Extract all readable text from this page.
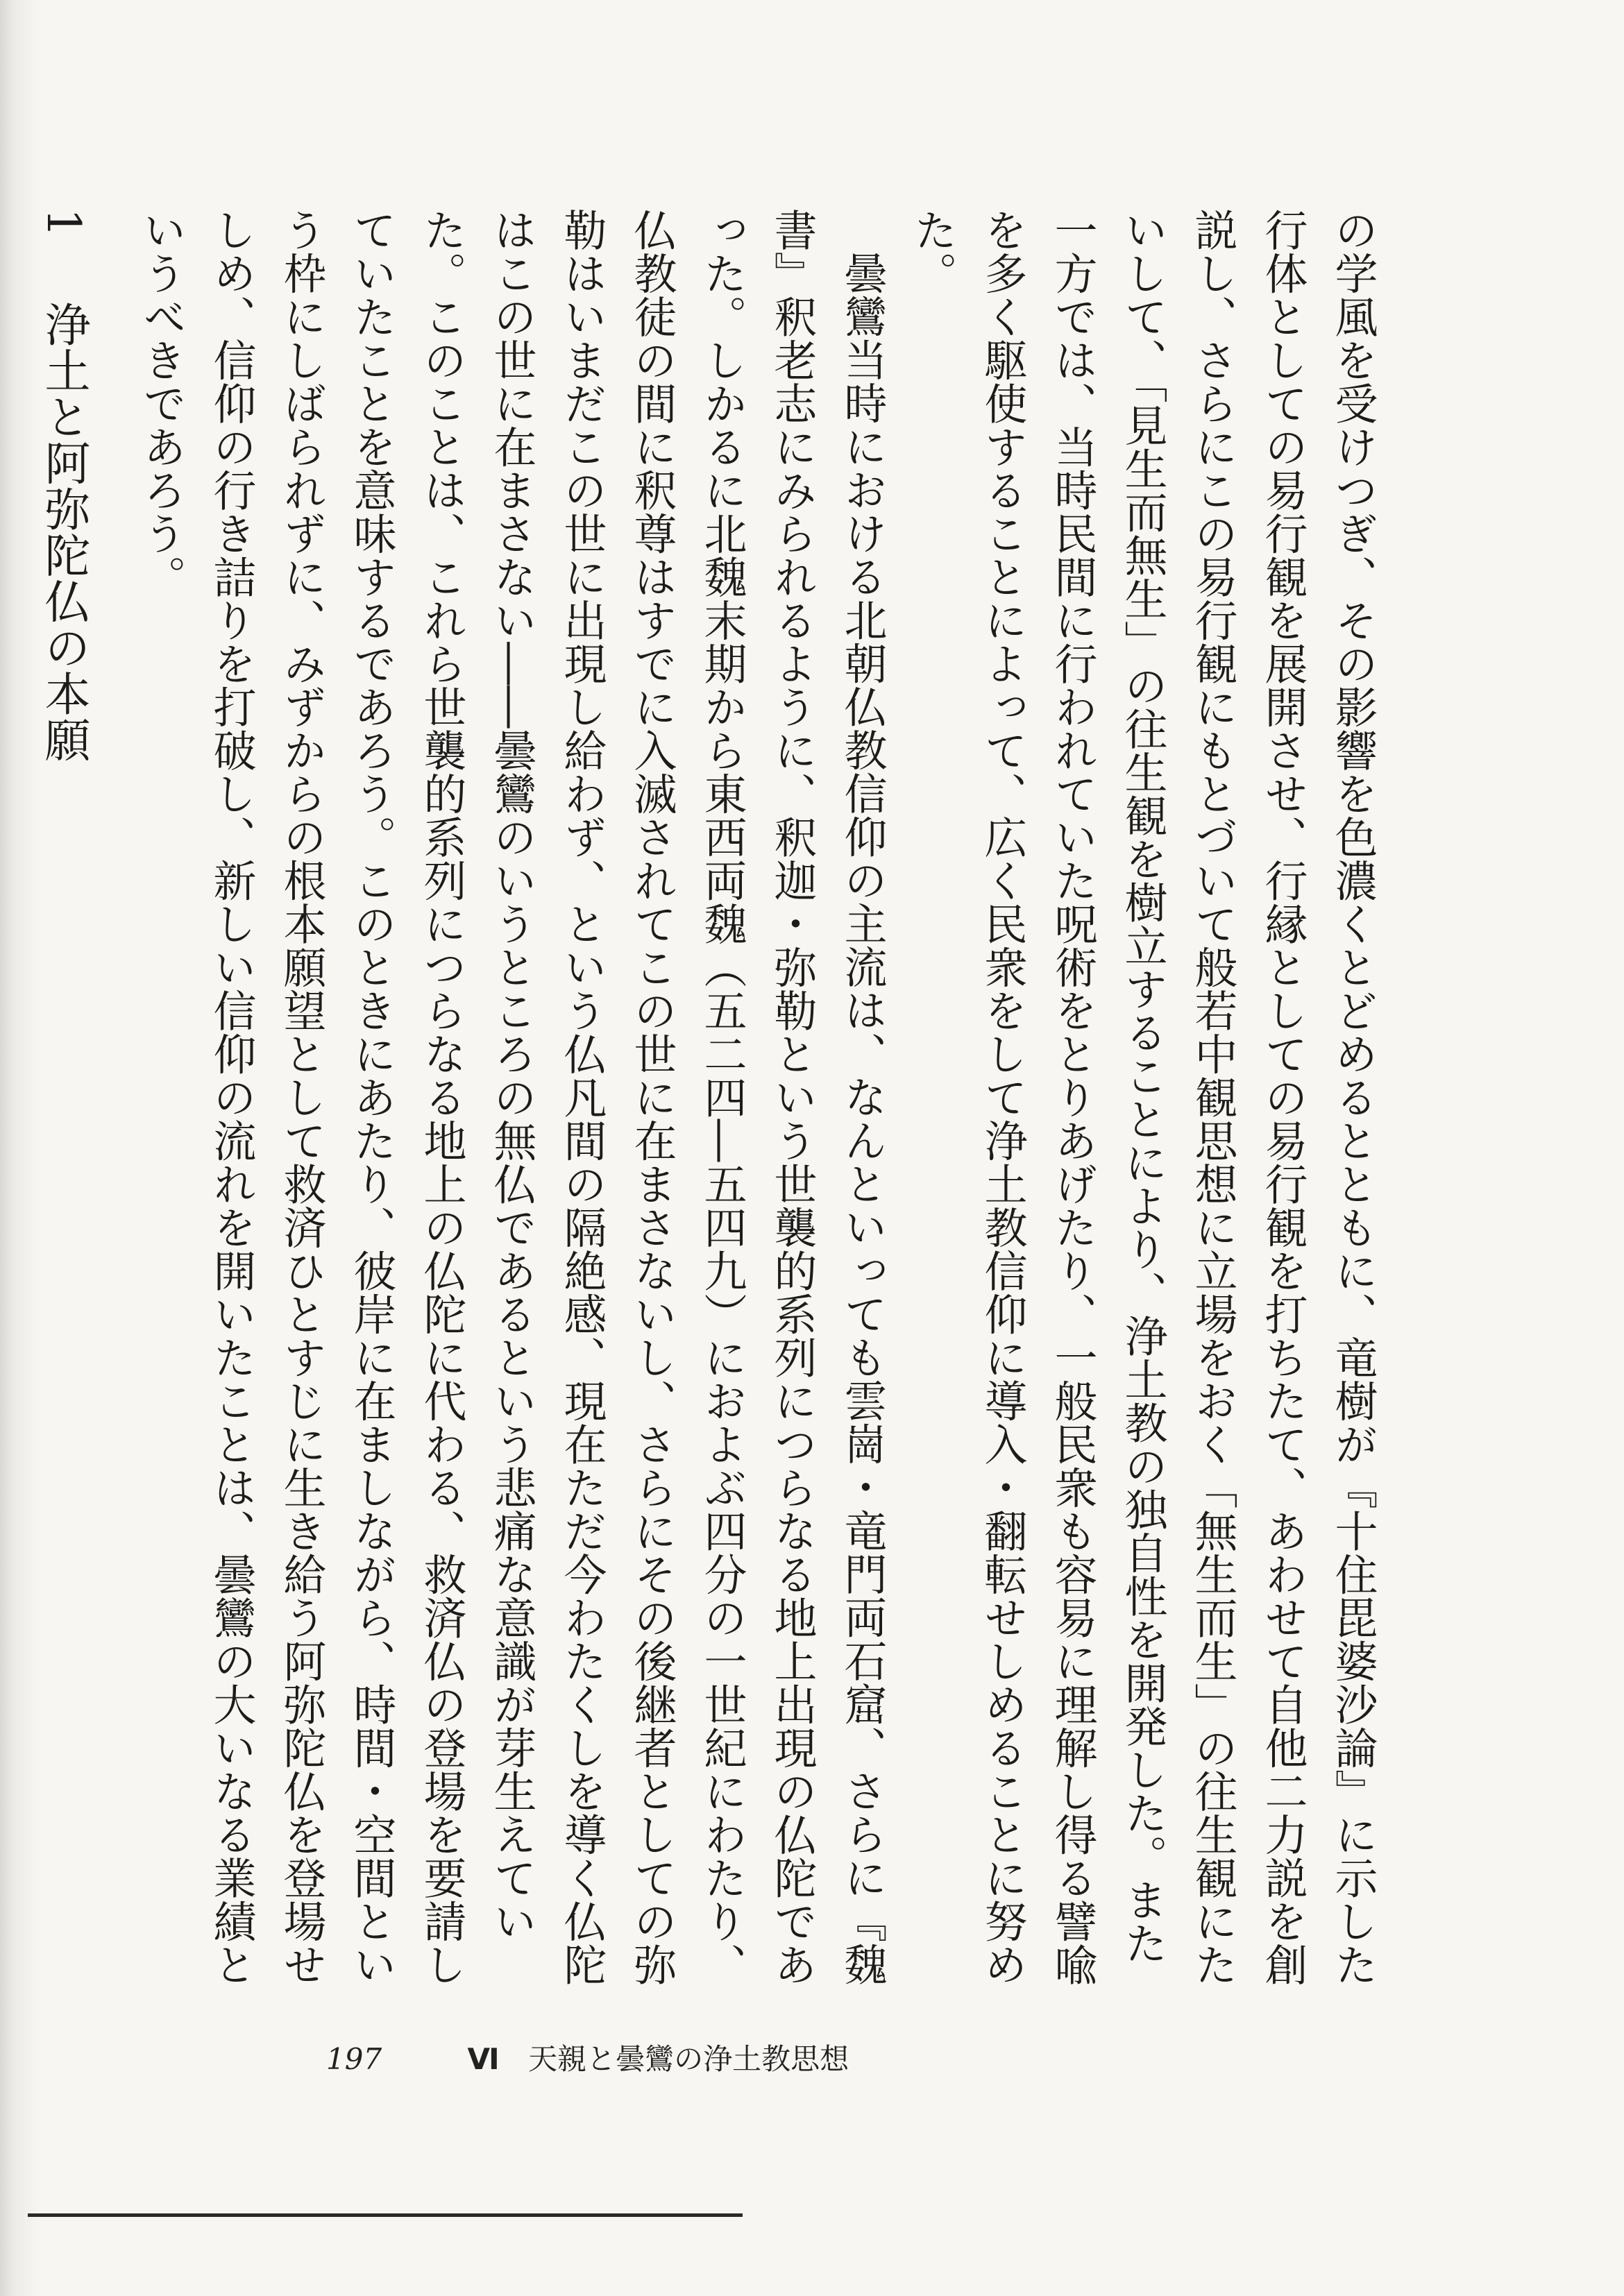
の学風を受けつぎ、その影響を色濃くとどめるとともに、竜樹が『十住毘婆沙論』に示した行体としての易行観を展開させ、行縁としての易行観を打ちたて、あわせて自他二力説を創説し、さらにこの易行観にもとづいて般若中観思想に立場をおく「無生而生」の往生観にたいして、「見生而無生」の往生観を樹立することにより、浄土教の独自性を開発した。また一方では、当時民間に行われていた呪術をとりあげたり、一般民衆も容易に理解し得る譬喩を多く駆使することによって、広く民衆をして浄土教信仰に導入・翻転せしめることに努めた。

曇鸞当時における北朝仏教信仰の主流は、なんといっても雲崗・竜門両石窟、さらに『魏書』釈老志にみられるように、釈迦・弥勒という世襲的系列につらなる地上出現の仏陀であった。しかるに北魏末期から東西両魏（五二四―五四九）におよぶ四分の一世紀にわたり、仏教徒の間に釈尊はすでに入滅されてこの世に在まさないし、さらにその後継者としての弥勒はいまだこの世に出現し給わず、という仏凡間の隔絶感、現在ただ今わたくしを導く仏陀はこの世に在まさない――曇鸞のいうところの無仏であるという悲痛な意識が芽生えていた。このことは、これら世襲的系列につらなる地上の仏陀に代わる、救済仏の登場を要請していたことを意味するであろう。このときにあたり、彼岸に在ましながら、時間・空間という枠にしばられずに、みずからの根本願望として救済ひとすじに生き給う阿弥陀仏を登場せしめ、信仰の行き詰りを打破し、新しい信仰の流れを開いたことは、曇鸞の大いなる業績というべきであろう。

1 浄土と阿弥陀仏の本願

197	Ⅵ 天親と曇鸞の浄土教思想
